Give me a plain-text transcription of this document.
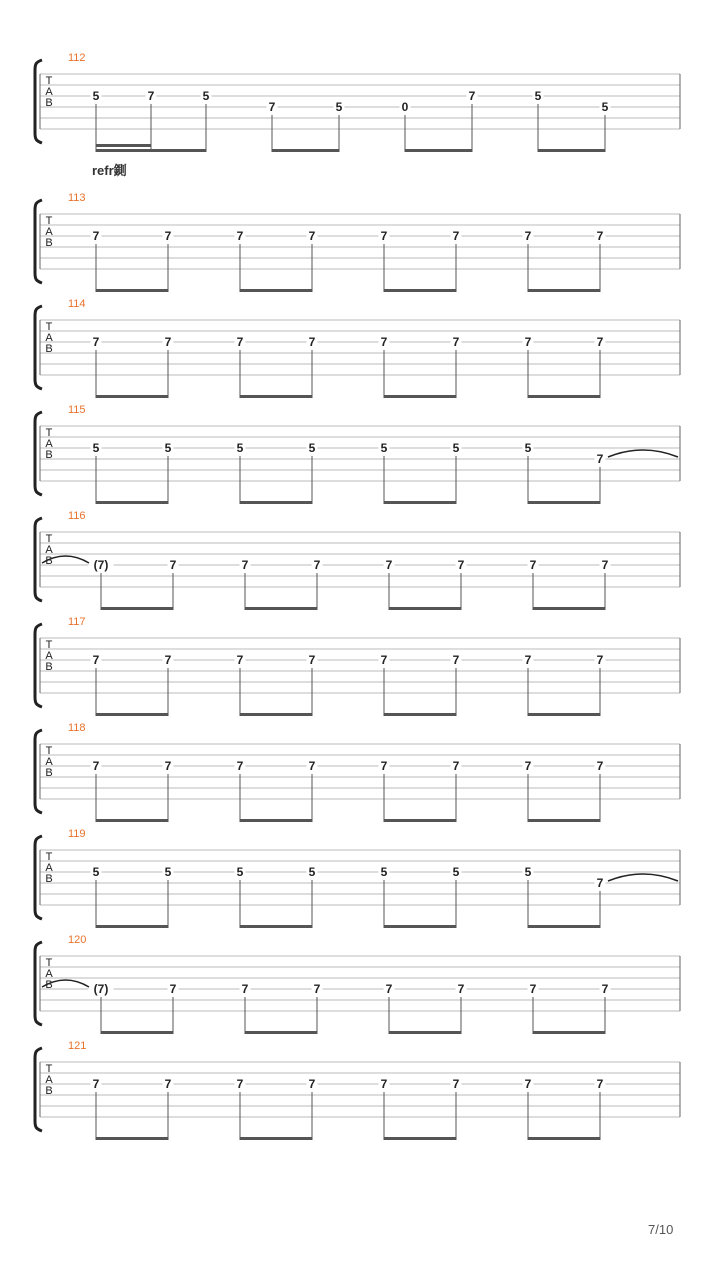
112
T
A
B	5	7	5
7	5	0
7	5
5
113
T
A
B	7	7	7	7	7	7	7	7
114
T
A
B	7	7	7	7	7	7	7	7
115
T
A
B	5	5	5	5	5	5	5
7
116
T
A
B	(7)	7	7	7	7	7	7	7
117
T
A
B	7	7	7	7	7	7	7	7
118
T
A
B	7	7	7	7	7	7	7	7
119
T
A
B	5	5	5	5	5	5	5
7
120
T
A
B	(7)	7	7	7	7	7	7	7
121
T
A
B	7	7	7	7	7	7	7	7
refr鍘
7/10
